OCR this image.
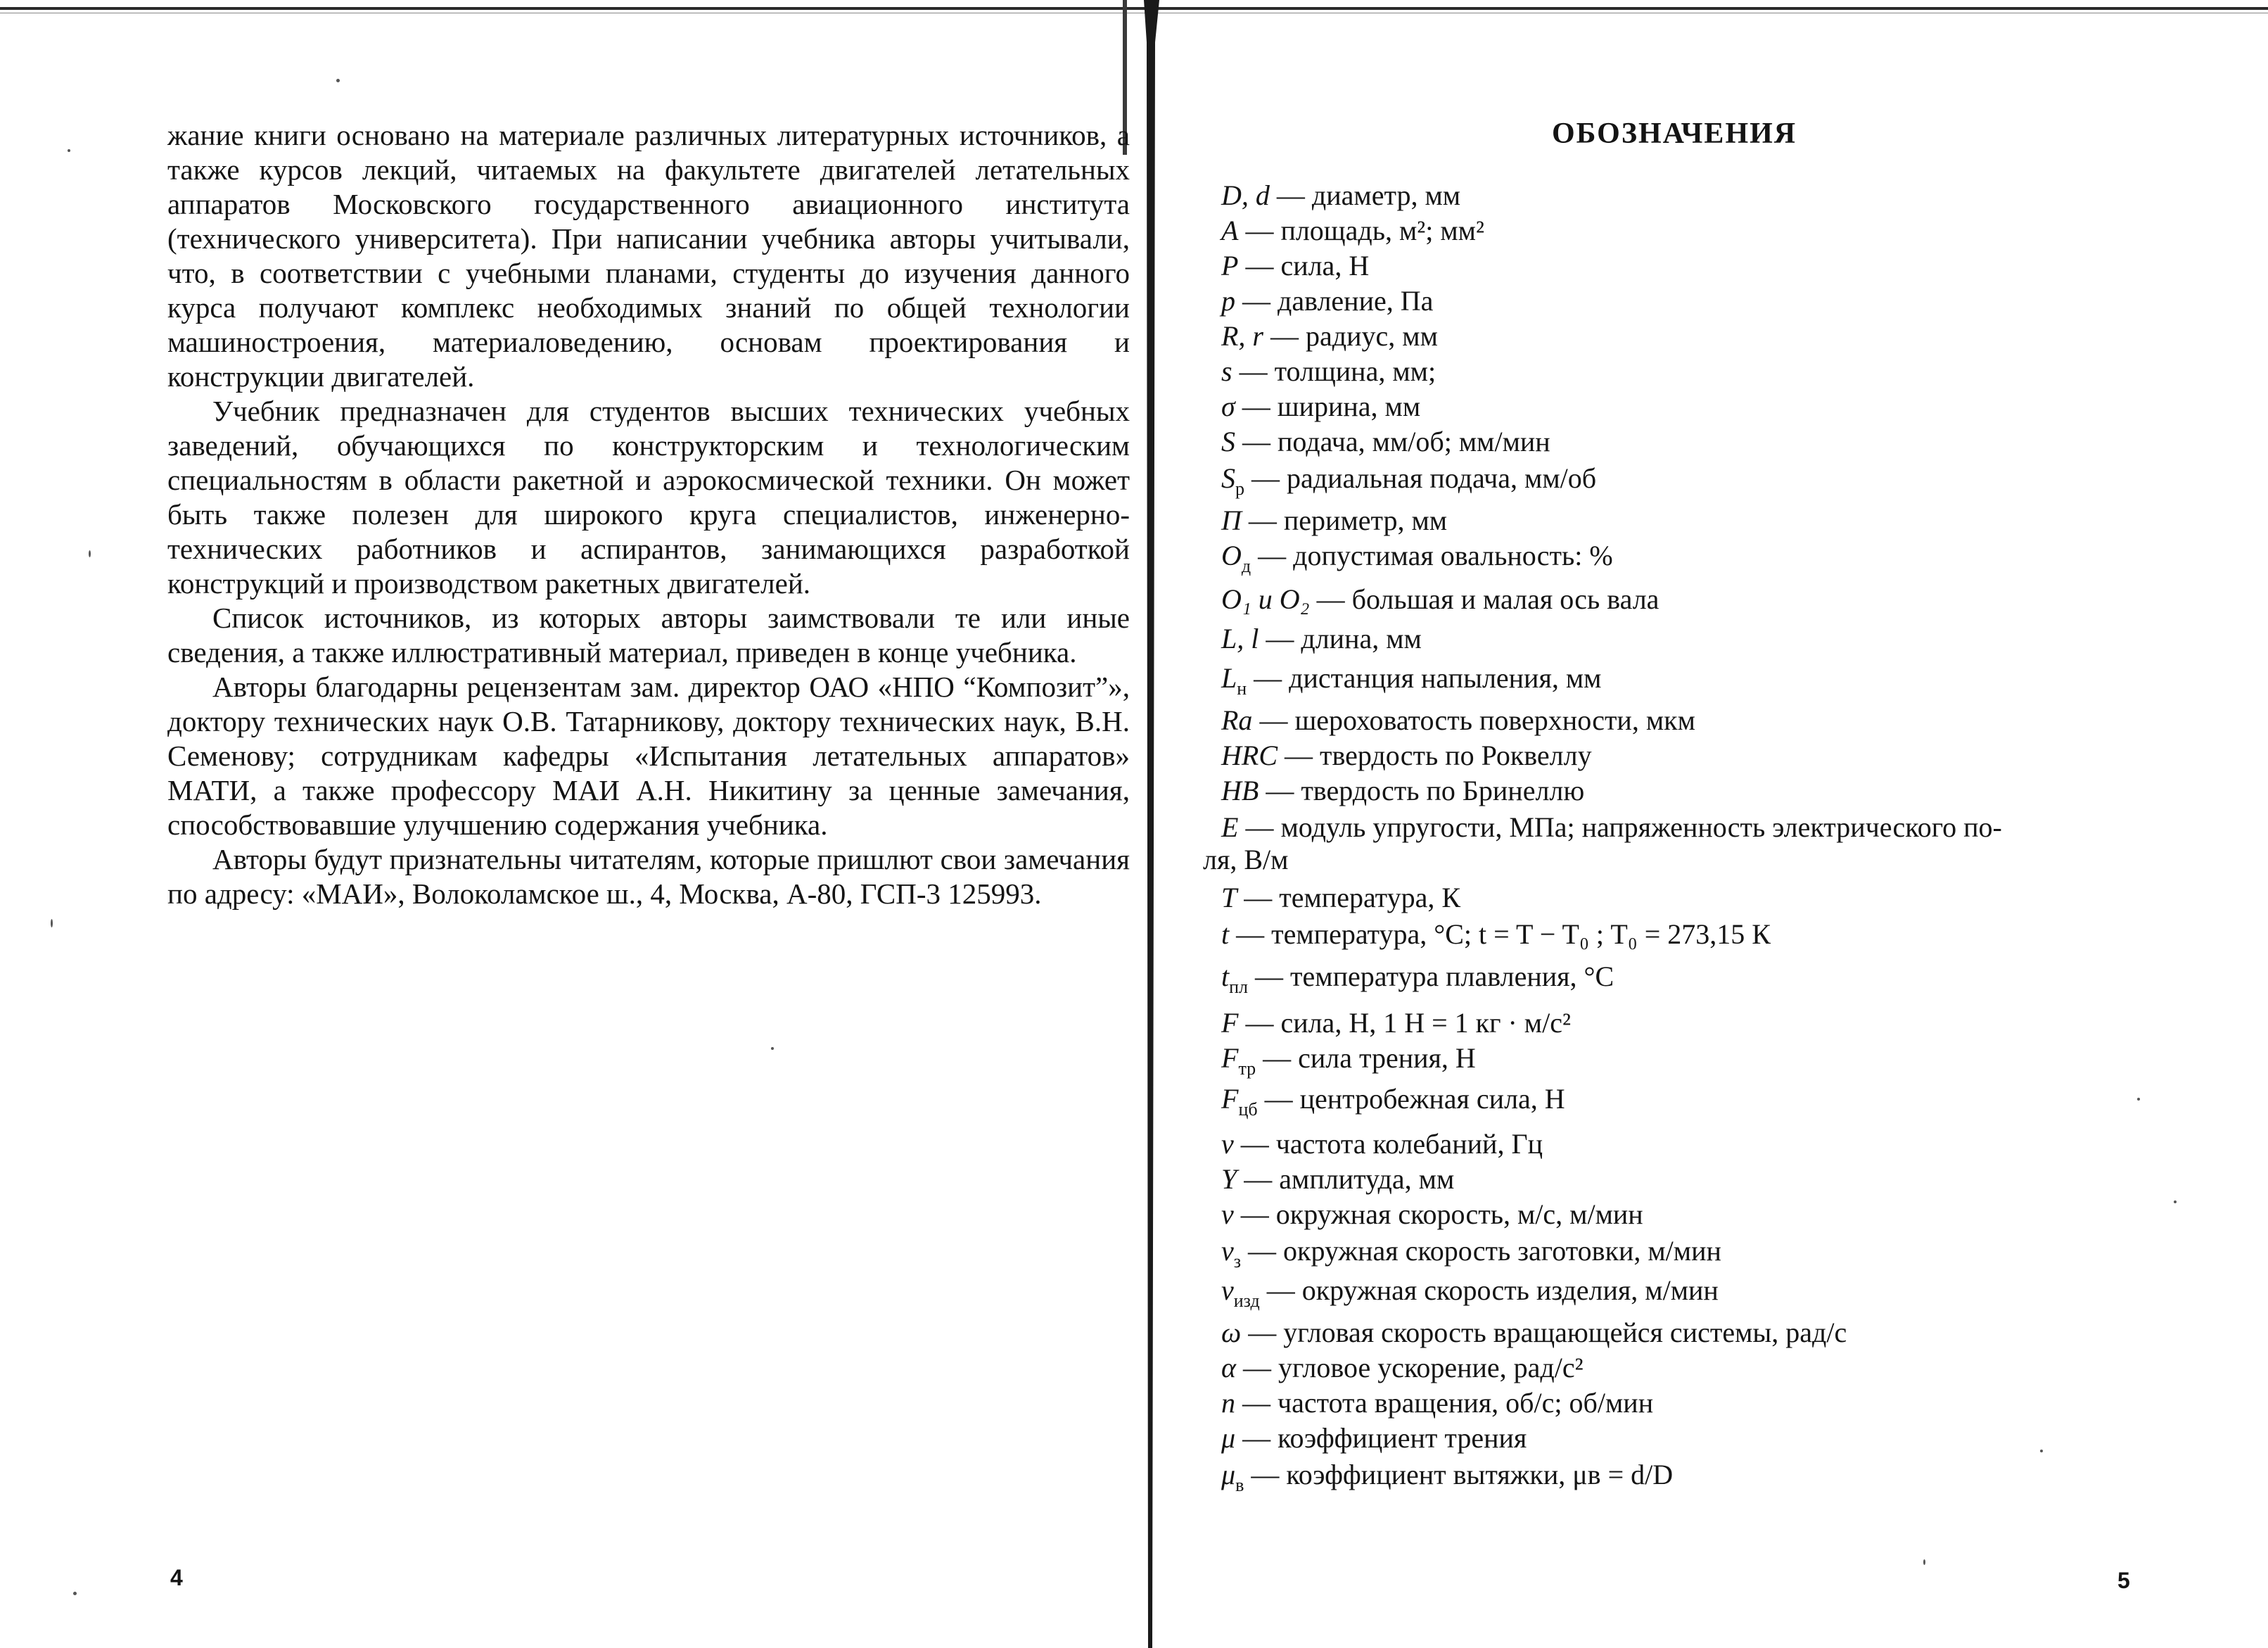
жание книги основано на материале различных литературных источников, а также курсов лекций, читаемых на факультете двигателей летательных аппаратов Московского государственного авиационного института (технического университета). При написании учебника авторы учитывали, что, в соответствии с учебными планами, студенты до изучения данного курса получают комплекс необходимых знаний по общей технологии машиностроения, материаловедению, основам проектирования и конструкции двигателей.

Учебник предназначен для студентов высших технических учебных заведений, обучающихся по конструкторским и технологическим специальностям в области ракетной и аэрокосмической техники. Он может быть также полезен для широкого круга специалистов, инженерно-технических работников и аспирантов, занимающихся разработкой конструкций и производством ракетных двигателей.

Список источников, из которых авторы заимствовали те или иные сведения, а также иллюстративный материал, приведен в конце учебника.

Авторы благодарны рецензентам зам. директор ОАО «НПО “Композит”», доктору технических наук О.В. Татарникову, доктору технических наук, В.Н. Семенову; сотрудникам кафедры «Испытания летательных аппаратов» МАТИ, а также профессору МАИ А.Н. Никитину за ценные замечания, способствовавшие улучшению содержания учебника.

Авторы будут признательны читателям, которые пришлют свои замечания по адресу: «МАИ», Волоколамское ш., 4, Москва, А-80, ГСП-3 125993.

4
ОБОЗНАЧЕНИЯ
D, d — диаметр, мм
A — площадь, м²; мм²
P — сила, Н
p — давление, Па
R, r — радиус, мм
s — толщина, мм;
σ — ширина, мм
S — подача, мм/об; мм/мин
$S_р$ — радиальная подача, мм/об
П — периметр, мм
$О_д$ — допустимая овальность: %
О₁ и О₂ — большая и малая ось вала
L, l — длина, мм
$L_н$ — дистанция напыления, мм
Ra — шероховатость поверхности, мкм
HRC — твердость по Роквеллу
HB — твердость по Бринеллю
E — модуль упругости, МПа; напряженность электрического по-
ля, В/м
T — температура, К
t — температура, °С; t = T − T₀ ; T₀ = 273,15 К
$t_{пл}$ — температура плавления, °С
F — сила, Н, 1 Н = 1 кг · м/с²
$F_{тр}$ — сила трения, Н
$F_{цб}$ — центробежная сила, Н
ν — частота колебаний, Гц
Y — амплитуда, мм
v — окружная скорость, м/с, м/мин
$v_з$ — окружная скорость заготовки, м/мин
$v_{изд}$ — окружная скорость изделия, м/мин
ω — угловая скорость вращающейся системы, рад/с
α — угловое ускорение, рад/с²
n — частота вращения, об/с; об/мин
μ — коэффициент трения
$\mu_в$ — коэффициент вытяжки, μв = d/D
5
